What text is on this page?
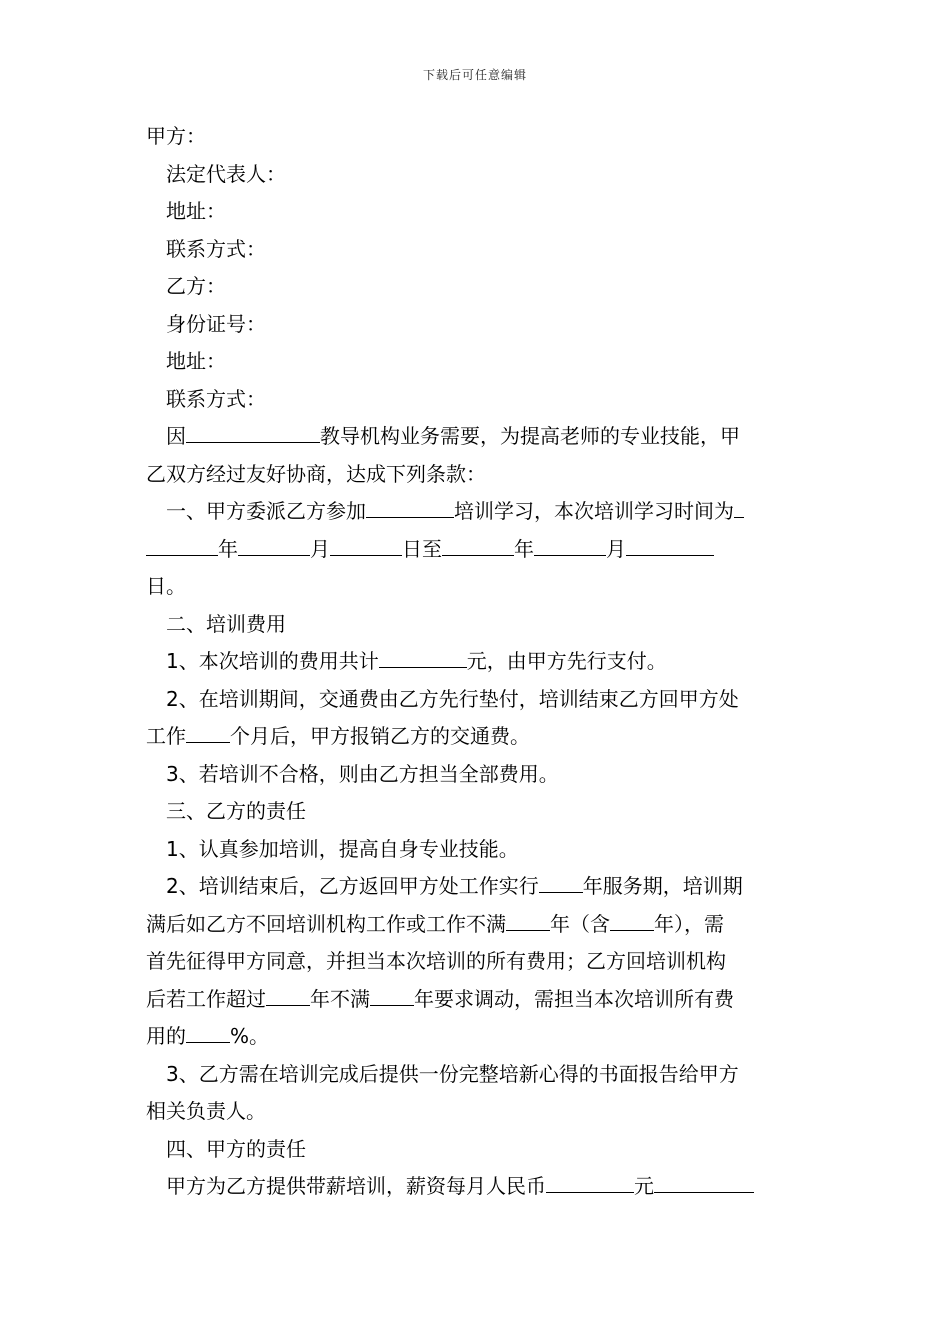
下载后可任意编辑
甲方：
法定代表人：
地址：
联系方式：
乙方：
身份证号：
地址：
联系方式：
因	教导机构业务需要，为提高老师的专业技能，甲
乙双方经过友好协商，达成下列条款：
一、甲方委派乙方参加	培训学习，本次培训学习时间为
年	月	日至	年	月
日。
二、培训费用
1、本次培训的费用共计	元，由甲方先行支付。
2、在培训期间，交通费由乙方先行垫付，培训结束乙方回甲方处
工作 个月后，甲方报销乙方的交通费。
3、若培训不合格，则由乙方担当全部费用。
三、乙方的责任
1、认真参加培训，提高自身专业技能。
2、培训结束后，乙方返回甲方处工作实行 年服务期，培训期
满后如乙方不回培训机构工作或工作不满 年（含 年），需
首先征得甲方同意，并担当本次培训的所有费用；乙方回培训机构
后若工作超过 年不满 年要求调动，需担当本次培训所有费
用的 %。
3、乙方需在培训完成后提供一份完整培新心得的书面报告给甲方
相关负责人。
四、甲方的责任
甲方为乙方提供带薪培训，薪资每月人民币	元
